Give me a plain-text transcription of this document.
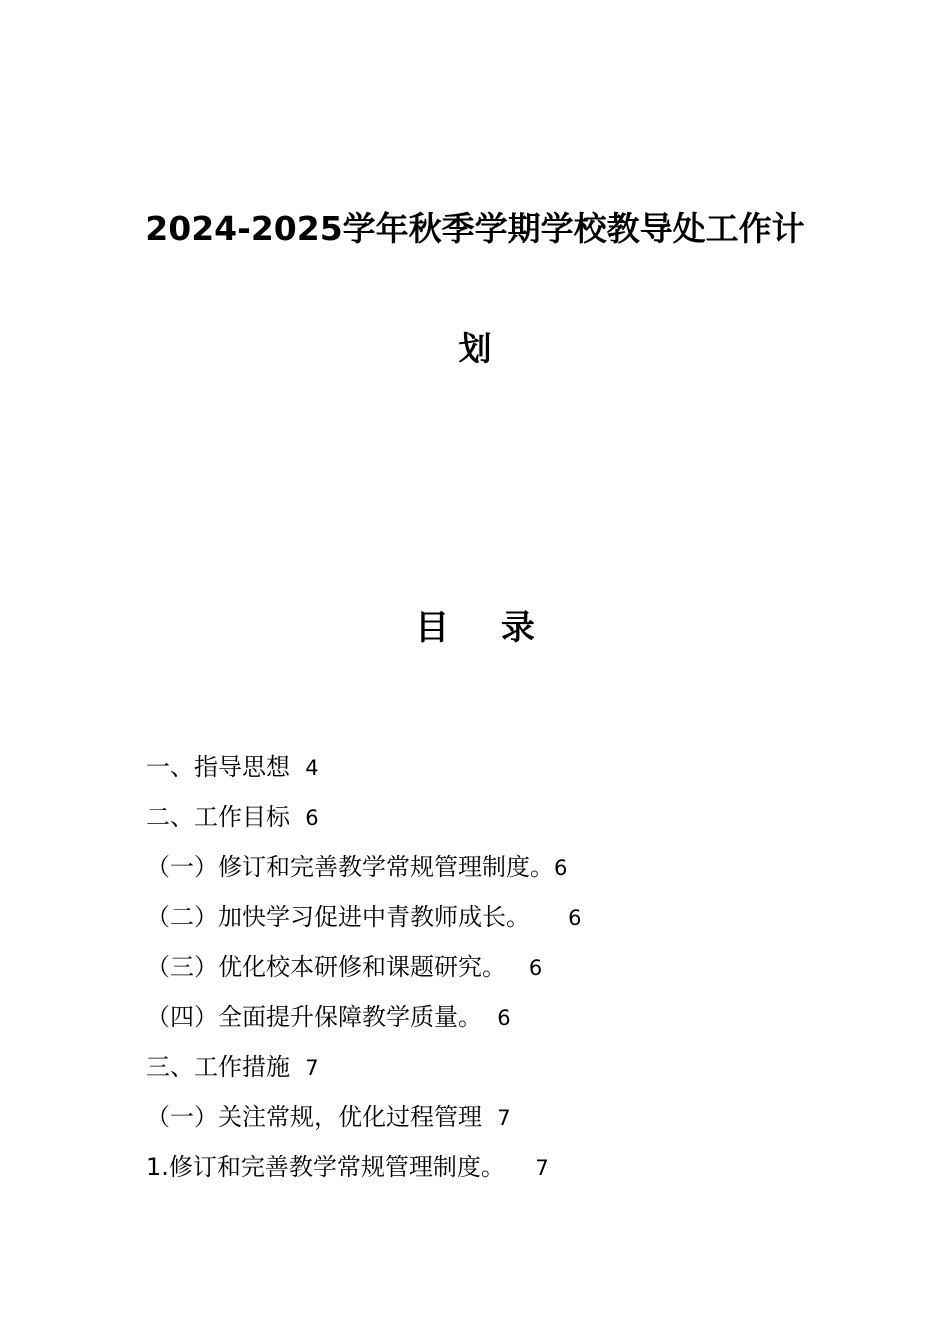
2024-2025学年秋季学期学校教导处工作计
划
目 录
一、指导思想 4
二、工作目标 6
（一）修订和完善教学常规管理制度。6
（二）加快学习促进中青教师成长。 6
（三）优化校本研修和课题研究。 6
（四）全面提升保障教学质量。 6
三、工作措施 7
（一）关注常规，优化过程管理 7
1.修订和完善教学常规管理制度。 7
